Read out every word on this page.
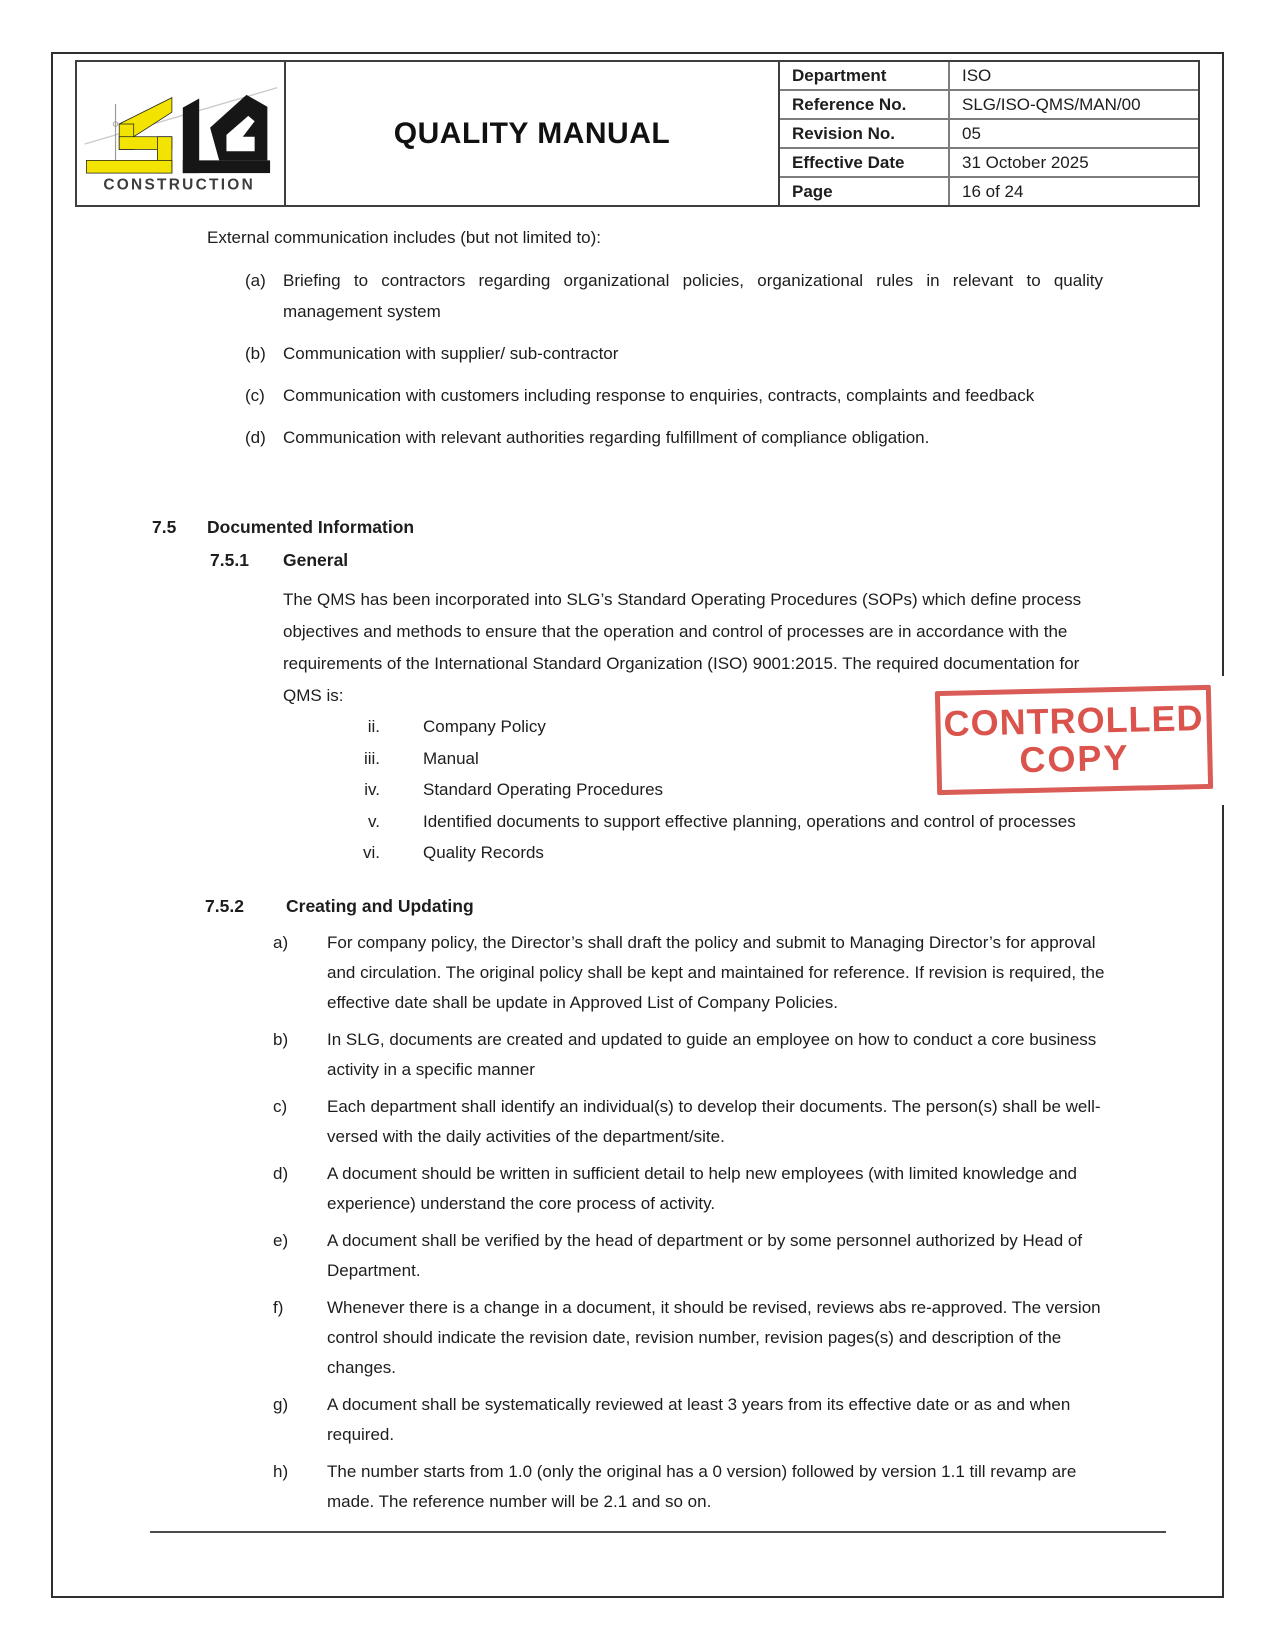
CONSTRUCTION
QUALITY MANUAL
Department	ISO
Reference No.	SLG/ISO-QMS/MAN/00
Revision No.	05
Effective Date	31 October 2025
Page	16 of 24

External communication includes (but not limited to):

(a)	Briefing to contractors regarding organizational policies, organizational rules in relevant to quality management system
(b)	Communication with supplier/ sub-contractor
(c)	Communication with customers including response to enquiries, contracts, complaints and feedback
(d)	Communication with relevant authorities regarding fulfillment of compliance obligation.
7.5	Documented Information
7.5.1	General

The QMS has been incorporated into SLG’s Standard Operating Procedures (SOPs) which define process objectives and methods to ensure that the operation and control of processes are in accordance with the requirements of the International Standard Organization (ISO) 9001:2015. The required documentation for QMS is:

ii.	Company Policy
iii.	Manual
iv.	Standard Operating Procedures
v.	Identified documents to support effective planning, operations and control of processes
vi.	Quality Records
7.5.2	Creating and Updating
a)	For company policy, the Director’s shall draft the policy and submit to Managing Director’s for approval and circulation. The original policy shall be kept and maintained for reference. If revision is required, the effective date shall be update in Approved List of Company Policies.
b)	In SLG, documents are created and updated to guide an employee on how to conduct a core business activity in a specific manner
c)	Each department shall identify an individual(s) to develop their documents. The person(s) shall be well-versed with the daily activities of the department/site.
d)	A document should be written in sufficient detail to help new employees (with limited knowledge and experience) understand the core process of activity.
e)	A document shall be verified by the head of department or by some personnel authorized by Head of Department.
f)	Whenever there is a change in a document, it should be revised, reviews abs re-approved. The version control should indicate the revision date, revision number, revision pages(s) and description of the changes.
g)	A document shall be systematically reviewed at least 3 years from its effective date or as and when required.
h)	The number starts from 1.0 (only the original has a 0 version) followed by version 1.1 till revamp are made. The reference number will be 2.1 and so on.
CONTROLLED
COPY
